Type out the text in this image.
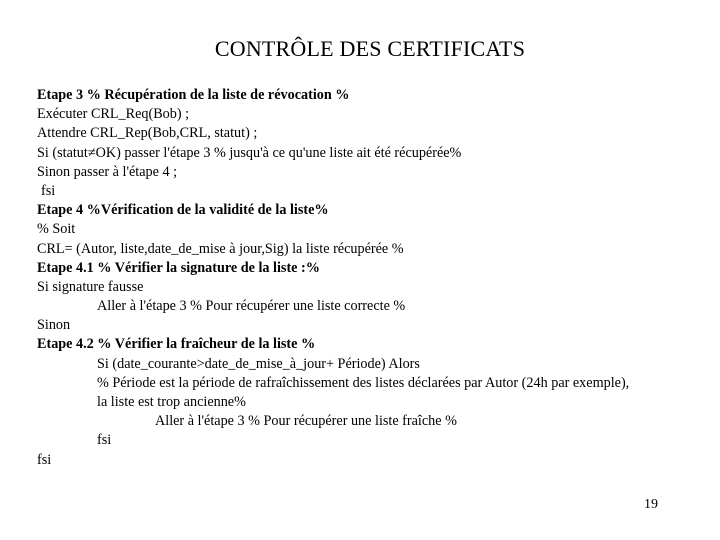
CONTRÔLE DES CERTIFICATS
Etape 3 % Récupération de la liste de révocation %
Exécuter CRL_Req(Bob) ;
Attendre CRL_Rep(Bob,CRL, statut) ;
Si (statut≠OK) passer l'étape 3 % jusqu'à ce qu'une liste ait été récupérée%
Sinon passer à l'étape 4 ;
fsi
Etape 4 %Vérification de la validité de la liste%
% Soit
CRL= (Autor, liste,date_de_mise à jour,Sig) la liste récupérée %
Etape 4.1 % Vérifier la signature de la liste :%
Si signature fausse
Aller à l'étape 3 % Pour récupérer une liste correcte %
Sinon
Etape 4.2 % Vérifier la fraîcheur de la liste %
Si (date_courante>date_de_mise_à_jour+ Période) Alors
% Période est la période de rafraîchissement des listes déclarées par Autor (24h par exemple),
la liste est trop ancienne%
Aller à l'étape 3 % Pour récupérer une liste fraîche %
fsi
fsi
19
